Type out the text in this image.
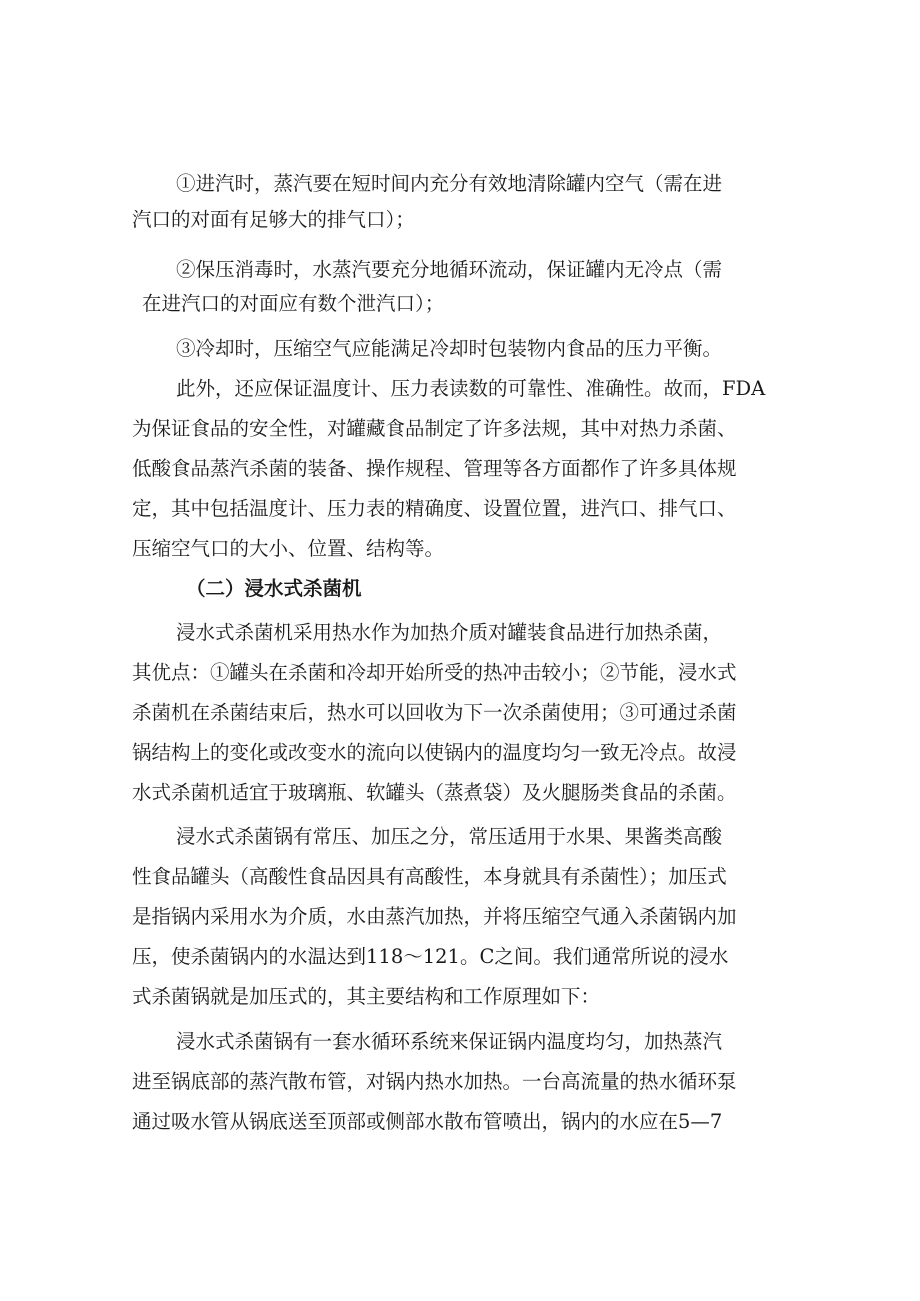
①进汽时，蒸汽要在短时间内充分有效地清除罐内空气（需在进
汽口的对面有足够大的排气口）；
②保压消毒时，水蒸汽要充分地循环流动，保证罐内无冷点（需
在进汽口的对面应有数个泄汽口）；
③冷却时，压缩空气应能满足冷却时包装物内食品的压力平衡。
此外，还应保证温度计、压力表读数的可靠性、准确性。故而，FDA
为保证食品的安全性，对罐藏食品制定了许多法规，其中对热力杀菌、
低酸食品蒸汽杀菌的装备、操作规程、管理等各方面都作了许多具体规
定，其中包括温度计、压力表的精确度、设置位置，进汽口、排气口、
压缩空气口的大小、位置、结构等。
（二）浸水式杀菌机
浸水式杀菌机采用热水作为加热介质对罐装食品进行加热杀菌，
其优点：①罐头在杀菌和冷却开始所受的热冲击较小；②节能，浸水式
杀菌机在杀菌结束后，热水可以回收为下一次杀菌使用；③可通过杀菌
锅结构上的变化或改变水的流向以使锅内的温度均匀一致无冷点。故浸
水式杀菌机适宜于玻璃瓶、软罐头（蒸煮袋）及火腿肠类食品的杀菌。
浸水式杀菌锅有常压、加压之分，常压适用于水果、果酱类高酸
性食品罐头（高酸性食品因具有高酸性，本身就具有杀菌性）；加压式
是指锅内采用水为介质，水由蒸汽加热，并将压缩空气通入杀菌锅内加
压，使杀菌锅内的水温达到118～121。C之间。我们通常所说的浸水
式杀菌锅就是加压式的，其主要结构和工作原理如下：
浸水式杀菌锅有一套水循环系统来保证锅内温度均匀，加热蒸汽
进至锅底部的蒸汽散布管，对锅内热水加热。一台高流量的热水循环泵
通过吸水管从锅底送至顶部或侧部水散布管喷出，锅内的水应在5—7
